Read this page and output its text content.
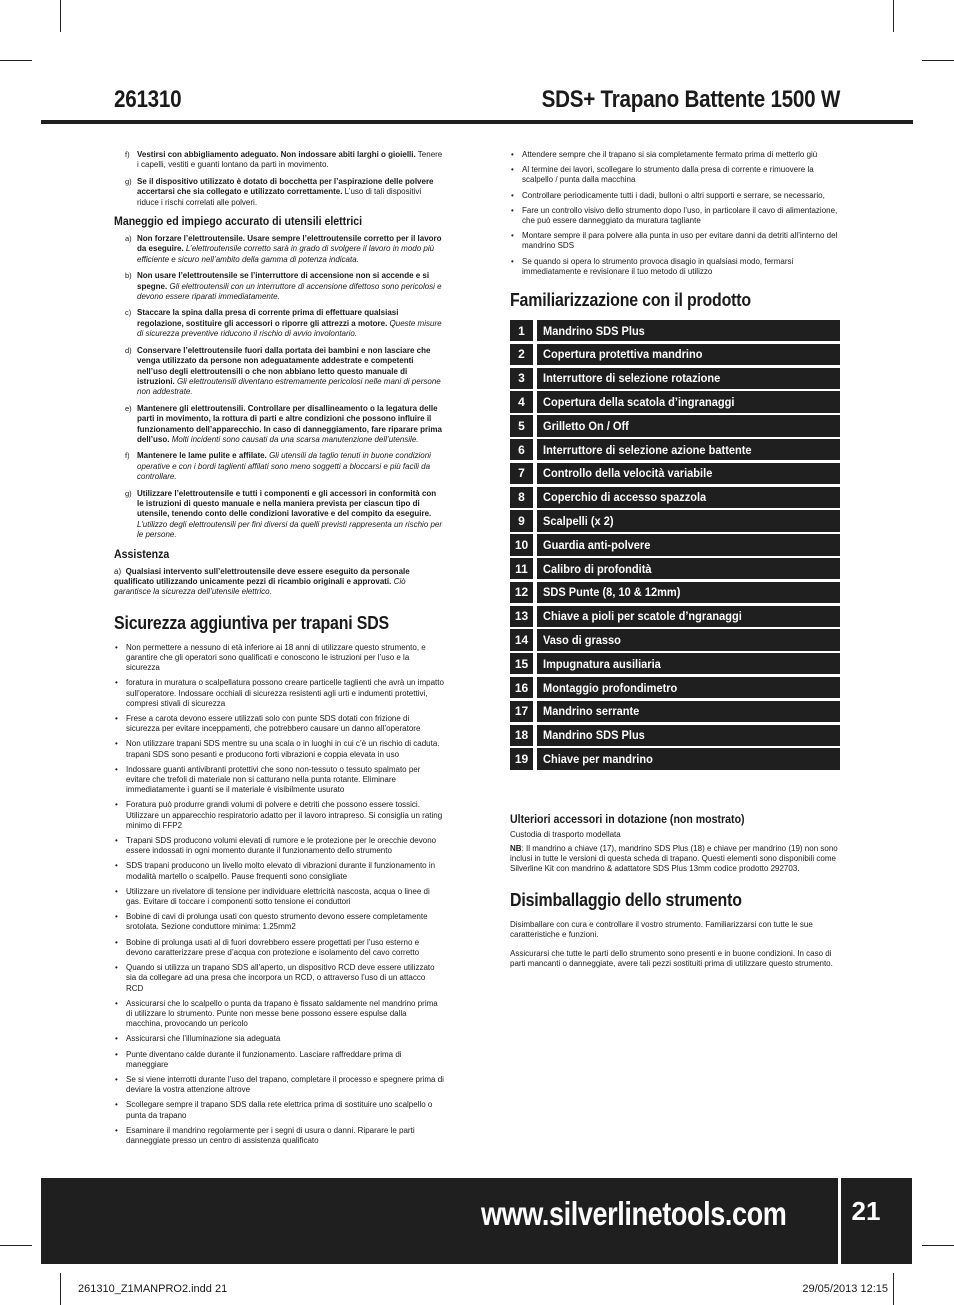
261310	SDS+ Trapano Battente 1500 W
f) Vestirsi con abbigliamento adeguato. Non indossare abiti larghi o gioielli. Tenere i capelli, vestiti e guanti lontano da parti in movimento.
g) Se il dispositivo utilizzato è dotato di bocchetta per l’aspirazione delle polvere accertarsi che sia collegato e utilizzato correttamente. L’uso di tali dispositivi riduce i rischi correlati alle polveri.
Maneggio ed impiego accurato di utensili elettrici
a) Non forzare l’elettroutensile. Usare sempre l’elettroutensile corretto per il lavoro da eseguire. L’elettroutensile corretto sarà in grado di svolgere il lavoro in modo più efficiente e sicuro nell’ambito della gamma di potenza indicata.
b) Non usare l’elettroutensile se l’interruttore di accensione non si accende e si spegne. Gli elettroutensili con un interruttore di accensione difettoso sono pericolosi e devono essere riparati immediatamente.
c) Staccare la spina dalla presa di corrente prima di effettuare qualsiasi regolazione, sostituire gli accessori o riporre gli attrezzi a motore. Queste misure di sicurezza preventive riducono il rischio di avvio involontario.
d) Conservare l’elettroutensile fuori dalla portata dei bambini e non lasciare che venga utilizzato da persone non adeguatamente addestrate e competenti nell’uso degli elettroutensili o che non abbiano letto questo manuale di istruzioni. Gli elettroutensili diventano estremamente pericolosi nelle mani di persone non addestrate.
e) Mantenere gli elettroutensili. Controllare per disallineamento o la legatura delle parti in movimento, la rottura di parti e altre condizioni che possono influire il funzionamento dell’apparecchio. In caso di danneggiamento, fare riparare prima dell’uso. Molti incidenti sono causati da una scarsa manutenzione dell’utensile.
f) Mantenere le lame pulite e affilate. Gli utensili da taglio tenuti in buone condizioni operative e con i bordi taglienti affilati sono meno soggetti a bloccarsi e più facili da controllare.
g) Utilizzare l’elettroutensile e tutti i componenti e gli accessori in conformità con le istruzioni di questo manuale e nella maniera prevista per ciascun tipo di utensile, tenendo conto delle condizioni lavorative e del compito da eseguire. L’utilizzo degli elettroutensili per fini diversi da quelli previsti rappresenta un rischio per le persone.
Assistenza
a) Qualsiasi intervento sull’elettroutensile deve essere eseguito da personale qualificato utilizzando unicamente pezzi di ricambio originali e approvati. Ciò garantisce la sicurezza dell’utensile elettrico.
Sicurezza aggiuntiva per trapani SDS
• Non permettere a nessuno di età inferiore ai 18 anni di utilizzare questo strumento, e garantire che gli operatori sono qualificati e conoscono le istruzioni per l’uso e la sicurezza
• foratura in muratura o scalpellatura possono creare particelle taglienti che avrà un impatto sull’operatore. Indossare occhiali di sicurezza resistenti agli urti e indumenti protettivi, compresi stivali di sicurezza
• Frese a carota devono essere utilizzati solo con punte SDS dotati con frizione di sicurezza per evitare inceppamenti, che potrebbero causare un danno all’operatore
• Non utilizzare trapani SDS mentre su una scala o in luoghi in cui c’è un rischio di caduta. trapani SDS sono pesanti e producono forti vibrazioni e coppia elevata in uso
• Indossare guanti antivibranti protettivi che sono non-tessuto o tessuto spalmato per evitare che trefoli di materiale non si catturano nella punta rotante. Eliminare immediatamente i guanti se il materiale è visibilmente usurato
• Foratura può produrre grandi volumi di polvere e detriti che possono essere tossici. Utilizzare un apparecchio respiratorio adatto per il lavoro intrapreso. Si consiglia un rating minimo di FFP2
• Trapani SDS producono volumi elevati di rumore e le protezione per le orecchie devono essere indossati in ogni momento durante il funzionamento dello strumento
• SDS trapani producono un livello molto elevato di vibrazioni durante il funzionamento in modalità martello o scalpello. Pause frequenti sono consigliate
• Utilizzare un rivelatore di tensione per individuare elettricità nascosta, acqua o linee di gas. Evitare di toccare i componenti sotto tensione ei conduttori
• Bobine di cavi di prolunga usati con questo strumento devono essere completamente srotolata. Sezione conduttore minima: 1.25mm2
• Bobine di prolunga usati al di fuori dovrebbero essere progettati per l’uso esterno e devono caratterizzare prese d’acqua con protezione e isolamento del cavo corretto
• Quando si utilizza un trapano SDS all’aperto, un dispositivo RCD deve essere utilizzato sia da collegare ad una presa che incorpora un RCD, o attraverso l’uso di un attacco RCD
• Assicurarsi che lo scalpello o punta da trapano è fissato saldamente nel mandrino prima di utilizzare lo strumento. Punte non messe bene possono essere espulse dalla macchina, provocando un pericolo
• Assicurarsi che l’illuminazione sia adeguata
• Punte diventano calde durante il funzionamento. Lasciare raffreddare prima di maneggiare
• Se si viene interrotti durante l’uso del trapano, completare il processo e spegnere prima di deviare la vostra attenzione altrove
• Scollegare sempre il trapano SDS dalla rete elettrica prima di sostituire uno scalpello o punta da trapano
• Esaminare il mandrino regolarmente per i segni di usura o danni. Riparare le parti danneggiate presso un centro di assistenza qualificato
• Attendere sempre che il trapano si sia completamente fermato prima di metterlo giù
• Al termine dei lavori, scollegare lo strumento dalla presa di corrente e rimuovere la scalpello / punta dalla macchina
• Controllare periodicamente tutti i dadi, bulloni o altri supporti e serrare, se necessario,
• Fare un controllo visivo dello strumento dopo l’uso, in particolare il cavo di alimentazione, che può essere danneggiato da muratura tagliante
• Montare sempre il para polvere alla punta in uso per evitare danni da detriti all’interno del mandrino SDS
• Se quando si opera lo strumento provoca disagio in qualsiasi modo, fermarsi immediatamente e revisionare il tuo metodo di utilizzo
Familiarizzazione con il prodotto
1	Mandrino SDS Plus
2	Copertura protettiva mandrino
3	Interruttore di selezione rotazione
4	Copertura della scatola d’ingranaggi
5	Grilletto On / Off
6	Interruttore di selezione azione battente
7	Controllo della velocità variabile
8	Coperchio di accesso spazzola
9	Scalpelli (x 2)
10	Guardia anti-polvere
11	Calibro di profondità
12	SDS Punte (8, 10 & 12mm)
13	Chiave a pioli per scatole d’ngranaggi
14	Vaso di grasso
15	Impugnatura ausiliaria
16	Montaggio profondimetro
17	Mandrino serrante
18	Mandrino SDS Plus
19	Chiave per mandrino
Ulteriori accessori in dotazione (non mostrato)
Custodia di trasporto modellata
NB: Il mandrino a chiave (17), mandrino SDS Plus (18) e chiave per mandrino (19) non sono inclusi in tutte le versioni di questa scheda di trapano. Questi elementi sono disponibili come Silverline Kit con mandrino & adattatore SDS Plus 13mm codice prodotto 292703.
Disimballaggio dello strumento
Disimballare con cura e controllare il vostro strumento. Familiarizzarsi con tutte le sue caratteristiche e funzioni.
Assicurarsi che tutte le parti dello strumento sono presenti e in buone condizioni. In caso di parti mancanti o danneggiate, avere tali pezzi sostituiti prima di utilizzare questo strumento.
www.silverlinetools.com	21
261310_Z1MANPRO2.indd 21	29/05/2013 12:15
